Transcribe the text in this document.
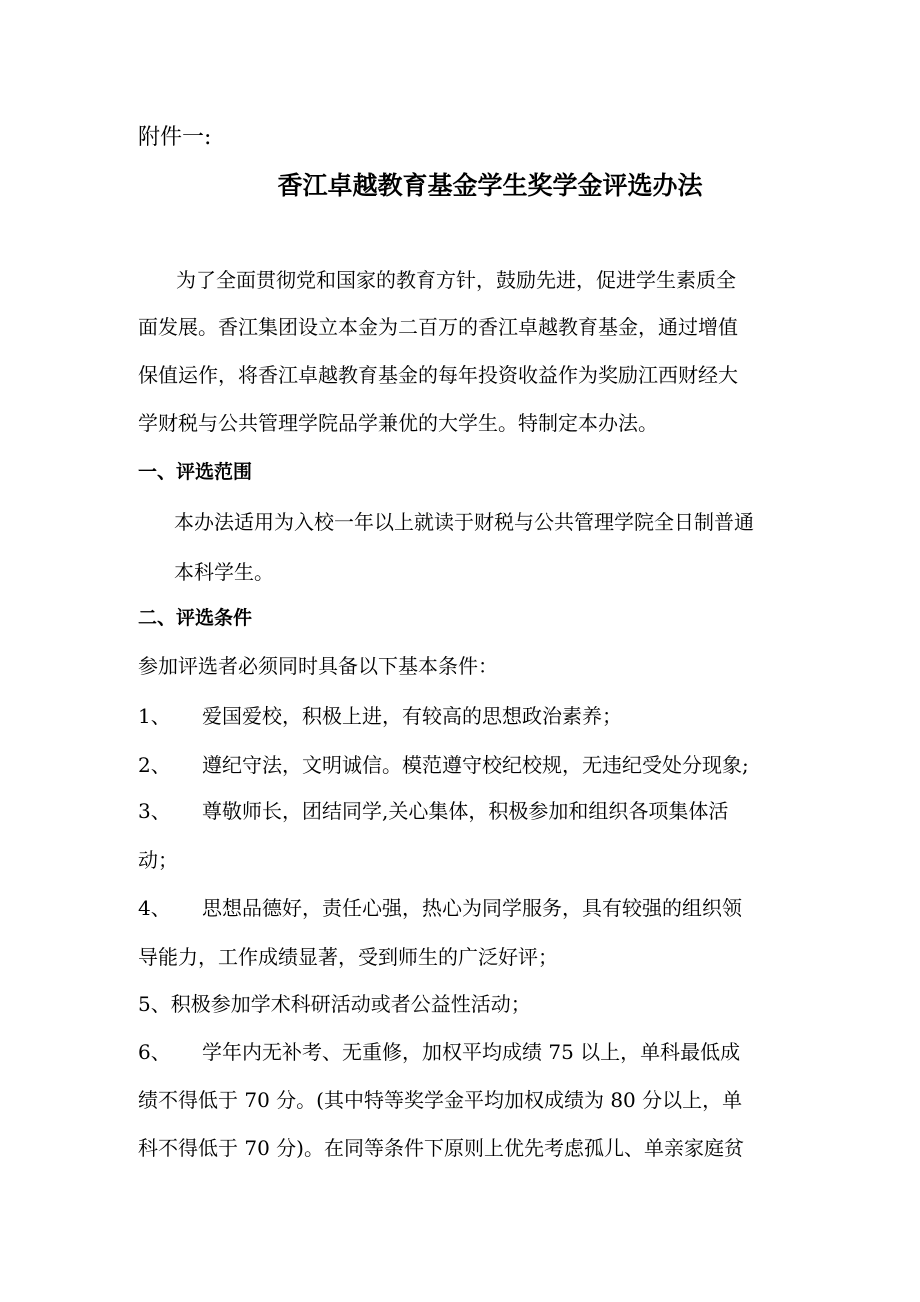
附件一:
香江卓越教育基金学生奖学金评选办法
为了全面贯彻党和国家的教育方针，鼓励先进，促进学生素质全
面发展。香江集团设立本金为二百万的香江卓越教育基金，通过增值
保值运作，将香江卓越教育基金的每年投资收益作为奖励江西财经大
学财税与公共管理学院品学兼优的大学生。特制定本办法。
一、评选范围
本办法适用为入校一年以上就读于财税与公共管理学院全日制普通
本科学生。
二、评选条件
参加评选者必须同时具备以下基本条件：
1、 爱国爱校，积极上进，有较高的思想政治素养；
2、 遵纪守法，文明诚信。模范遵守校纪校规，无违纪受处分现象;
3、 尊敬师长，团结同学,关心集体，积极参加和组织各项集体活
动；
4、 思想品德好，责任心强，热心为同学服务，具有较强的组织领
导能力，工作成绩显著，受到师生的广泛好评；
5、积极参加学术科研活动或者公益性活动；
6、 学年内无补考、无重修，加权平均成绩 75 以上，单科最低成
绩不得低于 70 分。(其中特等奖学金平均加权成绩为 80 分以上，单
科不得低于 70 分)。在同等条件下原则上优先考虑孤儿、单亲家庭贫
